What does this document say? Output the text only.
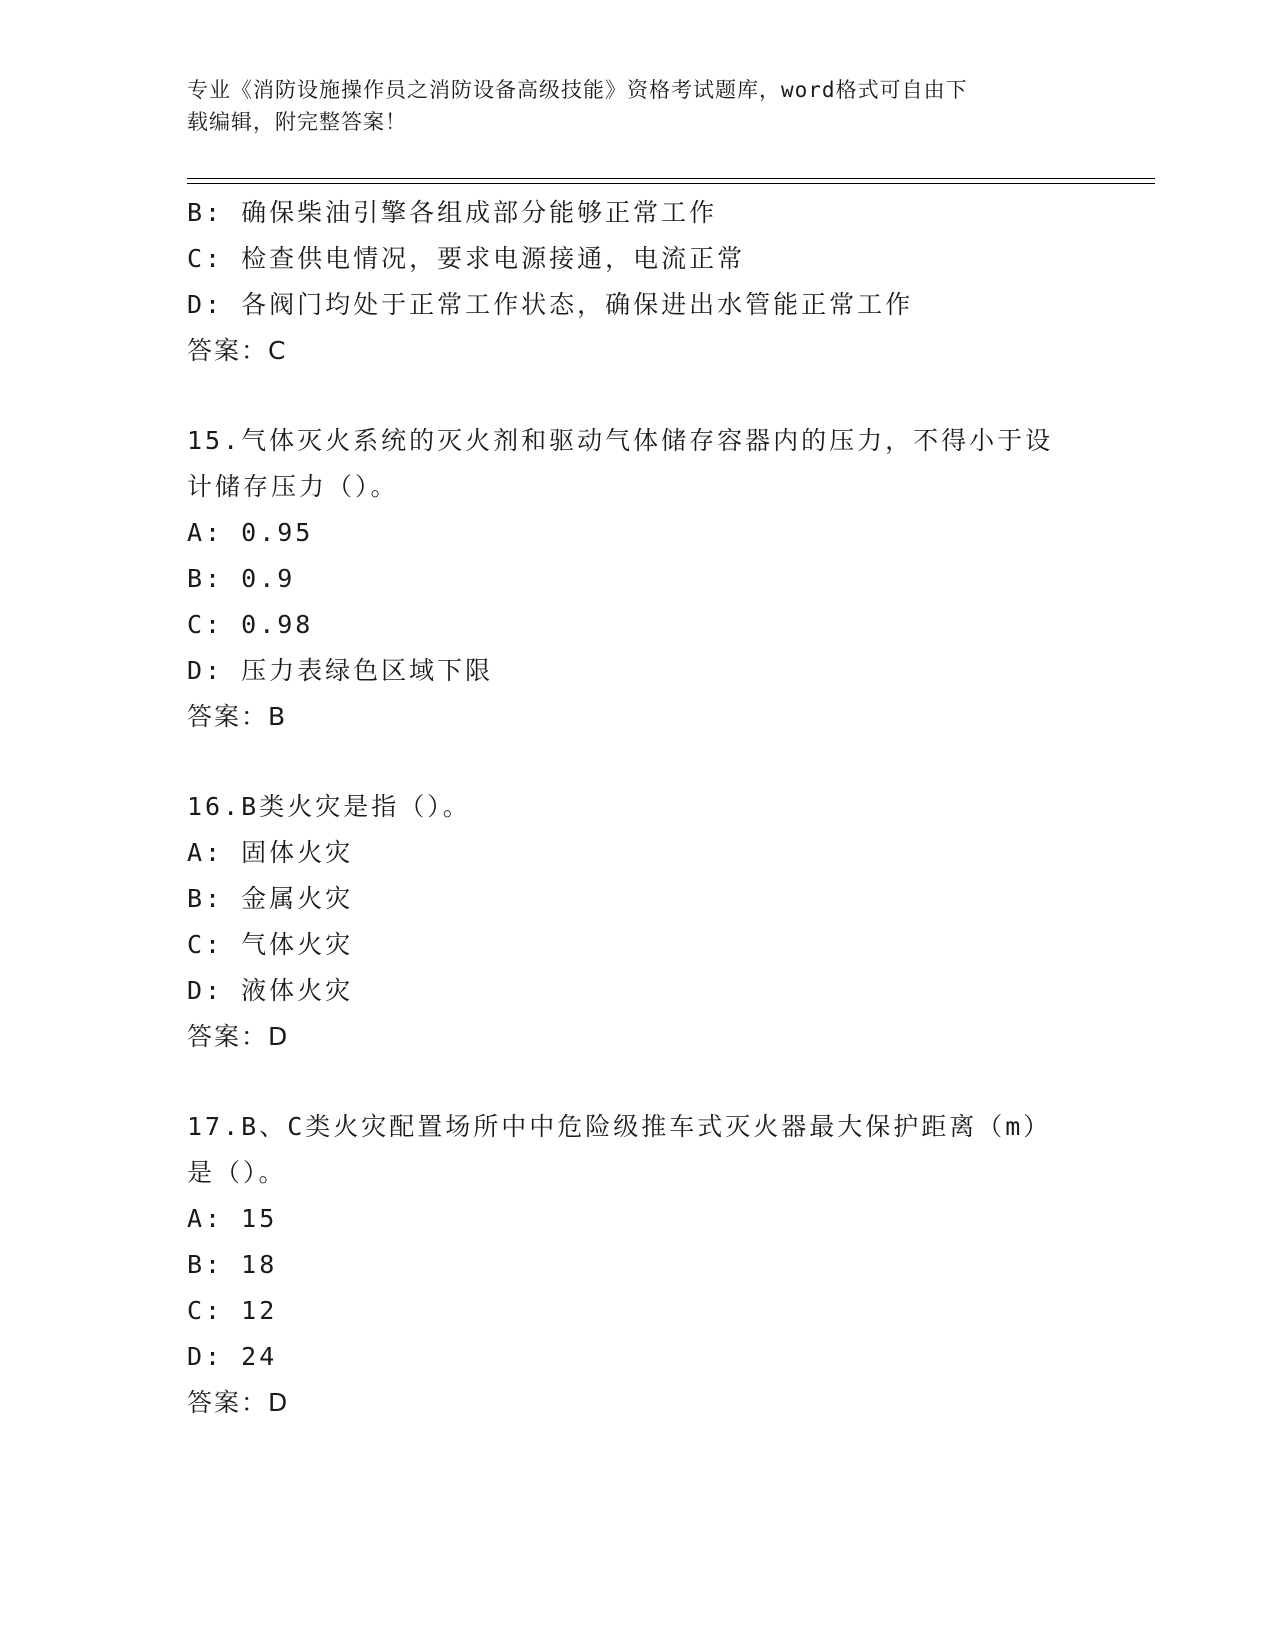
专业《消防设施操作员之消防设备高级技能》资格考试题库，word格式可自由下
载编辑，附完整答案！
B: 确保柴油引擎各组成部分能够正常工作
C: 检查供电情况，要求电源接通，电流正常
D: 各阀门均处于正常工作状态，确保进出水管能正常工作
答案：C
15.气体灭火系统的灭火剂和驱动气体储存容器内的压力，不得小于设
计储存压力（）。
A: 0.95
B: 0.9
C: 0.98
D: 压力表绿色区域下限
答案：B
16.B类火灾是指（）。
A: 固体火灾
B: 金属火灾
C: 气体火灾
D: 液体火灾
答案：D
17.B、C类火灾配置场所中中危险级推车式灭火器最大保护距离（m）
是（）。
A: 15
B: 18
C: 12
D: 24
答案：D
